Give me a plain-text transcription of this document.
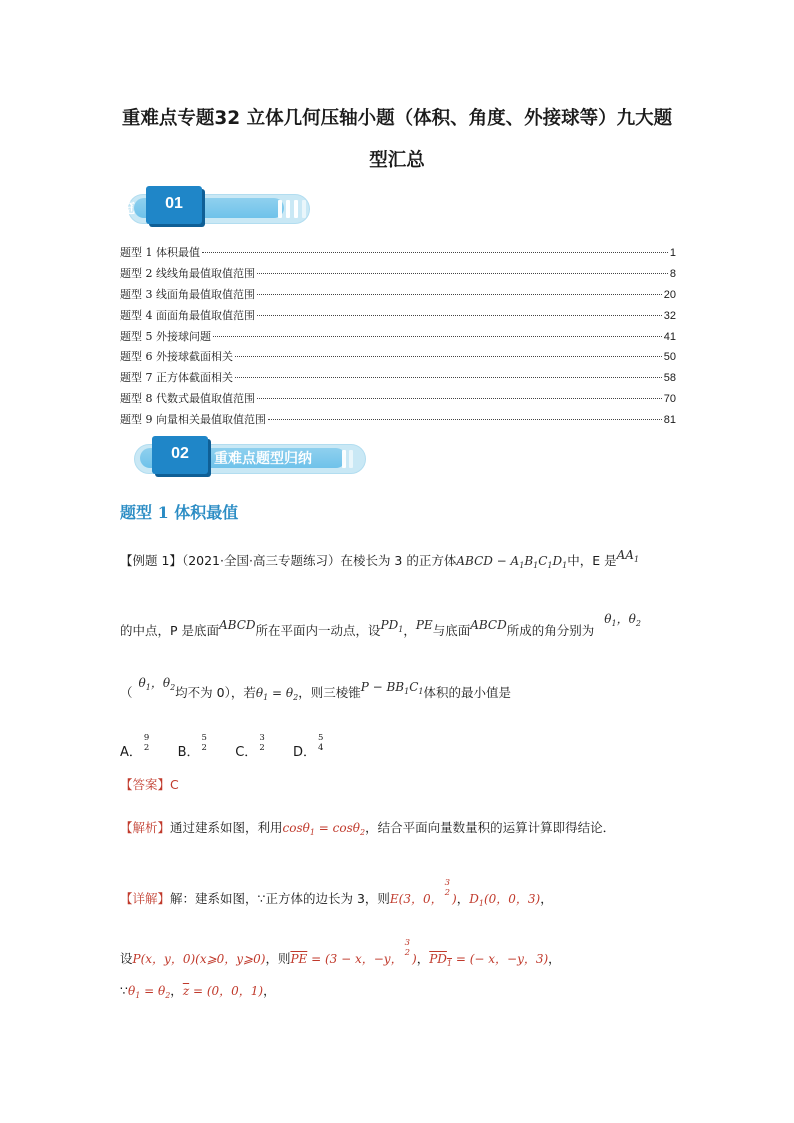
重难点专题32 立体几何压轴小题（体积、角度、外接球等）九大题
型汇总
01
内容速览
题型 1 体积最值	1
题型 2 线线角最值取值范围	8
题型 3 线面角最值取值范围	20
题型 4 面面角最值取值范围	32
题型 5 外接球问题	41
题型 6 外接球截面相关	50
题型 7 正方体截面相关	58
题型 8 代数式最值取值范围	70
题型 9 向量相关最值取值范围	81
02	重难点题型归纳
题型 1 体积最值
【例题 1】（2021·全国·高三专题练习）在棱长为 3 的正方体ABCD − $A_1B_1C_1D_1$中，E 是$AA_1$
的中点，P 是底面ABCD所在平面内一动点，设$PD_1$，PE与底面ABCD所成的角分别为$\theta_1$，$\theta_2$
（$\theta_1$，$\theta_2$均不为 0），若$\theta_1 = \theta_2$，则三棱锥$P - BB_1C_1$体积的最小值是
A．
9
2 B．
5
2 C．
3
2 D．
5
4
【答案】C
【解析】通过建系如图，利用cosθ$_1$ = cosθ$_2$，结合平面向量数量积的运算计算即得结论．
【详解】解：建系如图，∵正方体的边长为 3，则E(3，0，
3
2 )，$D_1(0$，0，3)，
设P(x，y，0)(x⩾0，y⩾0)，则$\overline{PE} = (3 - x$，−y，
3
2 )，$PD_1$ = (− x，−y，3)，
$\because\theta_1 = \theta_2$，$\overline{z} = (0$，0，1)，
